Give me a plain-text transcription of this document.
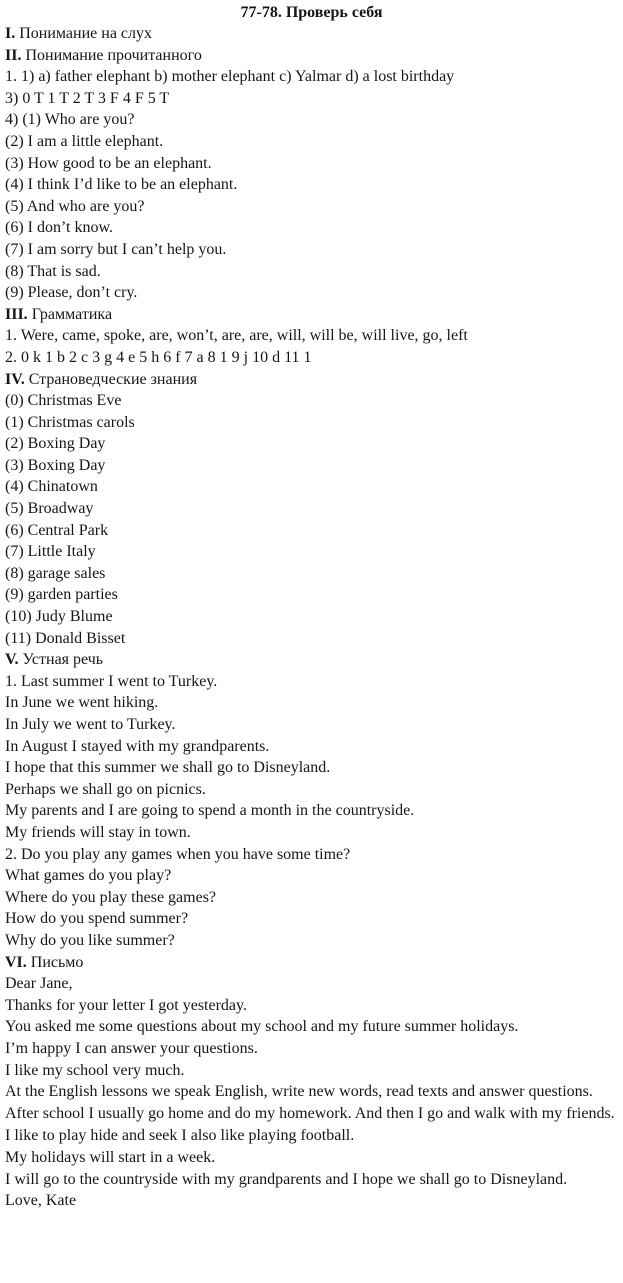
77-78. Проверь себя
I. Понимание на слух
II. Понимание прочитанного
1. 1) a) father elephant b) mother elephant c) Yalmar d) a lost birthday
3) 0 T 1 T 2 T 3 F 4 F 5 T
4) (1) Who are you?
(2) I am a little elephant.
(3) How good to be an elephant.
(4) I think I’d like to be an elephant.
(5) And who are you?
(6) I don’t know.
(7) I am sorry but I can’t help you.
(8) That is sad.
(9) Please, don’t cry.
III. Грамматика
1. Were, came, spoke, are, won’t, are, are, will, will be, will live, go, left
2. 0 k 1 b 2 c 3 g 4 e 5 h 6 f 7 a 8 1 9 j 10 d 11 1
IV. Страноведческие знания
(0) Christmas Eve
(1) Christmas carols
(2) Boxing Day
(3) Boxing Day
(4) Chinatown
(5) Broadway
(6) Central Park
(7) Little Italy
(8) garage sales
(9) garden parties
(10) Judy Blume
(11) Donald Bisset
V. Устная речь
1. Last summer I went to Turkey.
In June we went hiking.
In July we went to Turkey.
In August I stayed with my grandparents.
I hope that this summer we shall go to Disneyland.
Perhaps we shall go on picnics.
My parents and I are going to spend a month in the countryside.
My friends will stay in town.
2. Do you play any games when you have some time?
What games do you play?
Where do you play these games?
How do you spend summer?
Why do you like summer?
VI. Письмо
Dear Jane,
Thanks for your letter I got yesterday.
You asked me some questions about my school and my future summer holidays.
I’m happy I can answer your questions.
I like my school very much.
At the English lessons we speak English, write new words, read texts and answer questions.
After school I usually go home and do my homework. And then I go and walk with my friends.
I like to play hide and seek I also like playing football.
My holidays will start in a week.
I will go to the countryside with my grandparents and I hope we shall go to Disneyland.
Love, Kate
